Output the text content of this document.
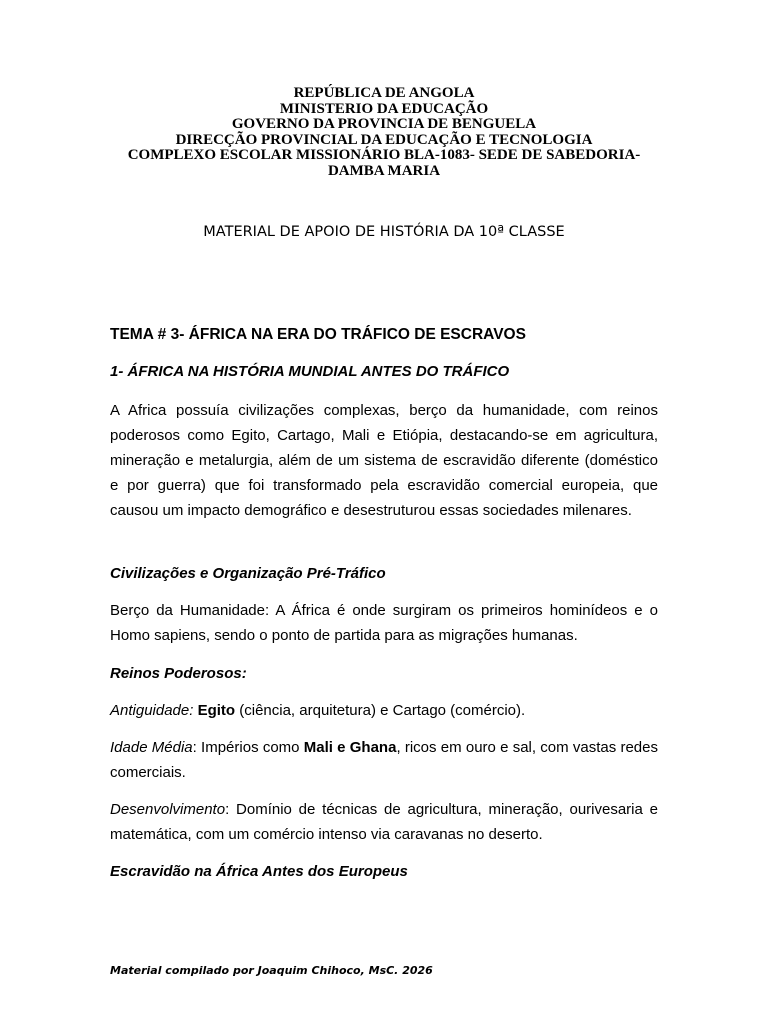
REPÚBLICA DE ANGOLA
MINISTERIO DA EDUCAÇÃO
GOVERNO DA PROVINCIA DE BENGUELA
DIRECÇÃO PROVINCIAL DA EDUCAÇÃO E TECNOLOGIA
COMPLEXO ESCOLAR MISSIONÁRIO BLA-1083- SEDE DE SABEDORIA-
DAMBA MARIA
MATERIAL DE APOIO DE HISTÓRIA DA 10ª CLASSE
TEMA # 3- ÁFRICA NA ERA DO TRÁFICO DE ESCRAVOS
1- ÁFRICA NA HISTÓRIA MUNDIAL ANTES DO TRÁFICO
A Africa possuía civilizações complexas, berço da humanidade, com reinos poderosos como Egito, Cartago, Mali e Etiópia, destacando-se em agricultura, mineração e metalurgia, além de um sistema de escravidão diferente (doméstico e por guerra) que foi transformado pela escravidão comercial europeia, que causou um impacto demográfico e desestruturou essas sociedades milenares.
Civilizações e Organização Pré-Tráfico
Berço da Humanidade: A África é onde surgiram os primeiros hominídeos e o Homo sapiens, sendo o ponto de partida para as migrações humanas.
Reinos Poderosos:
Antiguidade: Egito (ciência, arquitetura) e Cartago (comércio).
Idade Média: Impérios como Mali e Ghana, ricos em ouro e sal, com vastas redes comerciais.
Desenvolvimento: Domínio de técnicas de agricultura, mineração, ourivesaria e matemática, com um comércio intenso via caravanas no deserto.
Escravidão na África Antes dos Europeus
Material compilado por Joaquim Chihoco, MsC. 2026
